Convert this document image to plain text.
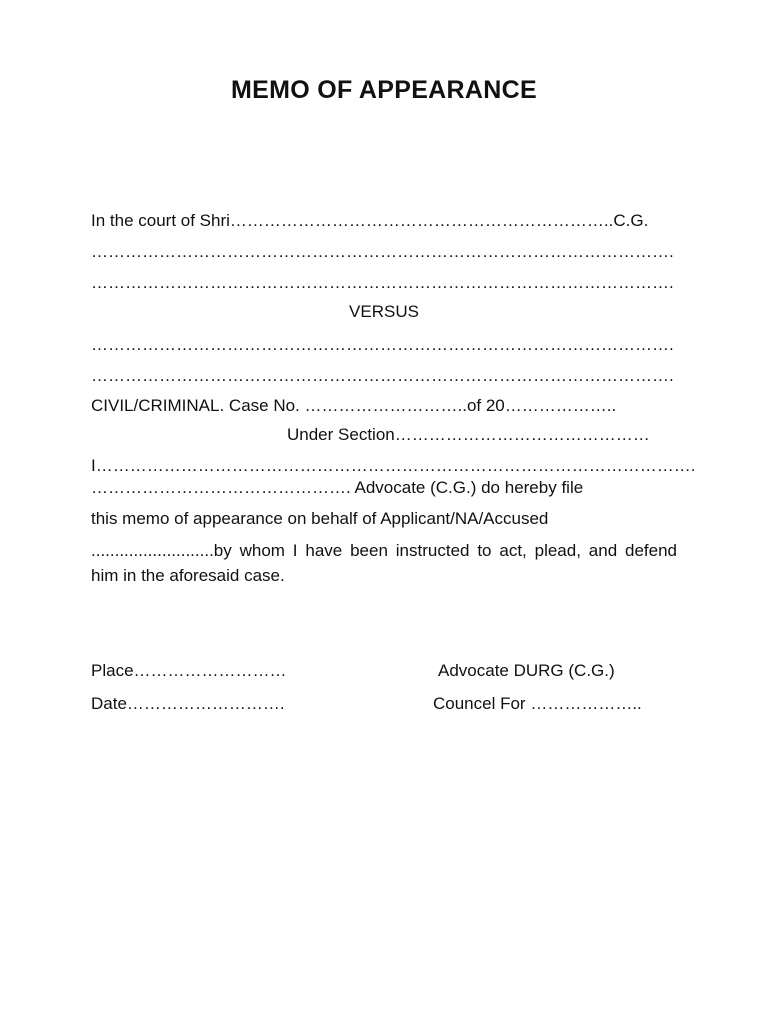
MEMO OF APPEARANCE
In the court of Shri…………………………………………………………..C.G.
………………………………………………………………………………………….
………………………………………………………………………………………….
VERSUS
………………………………………………………………………………………….
………………………………………………………………………………………….
CIVIL/CRIMINAL. Case No. ………………………..of 20………………..
Under Section………………………………………
I…………………………………………………………………………………………….
………………………………………. Advocate (C.G.) do hereby file
this memo of appearance on behalf of Applicant/NA/Accused
..........................by whom I have been instructed to act, plead, and defend him in the aforesaid case.
Place………………………	Advocate DURG (C.G.)
Date……………………….	Councel For ………………..
